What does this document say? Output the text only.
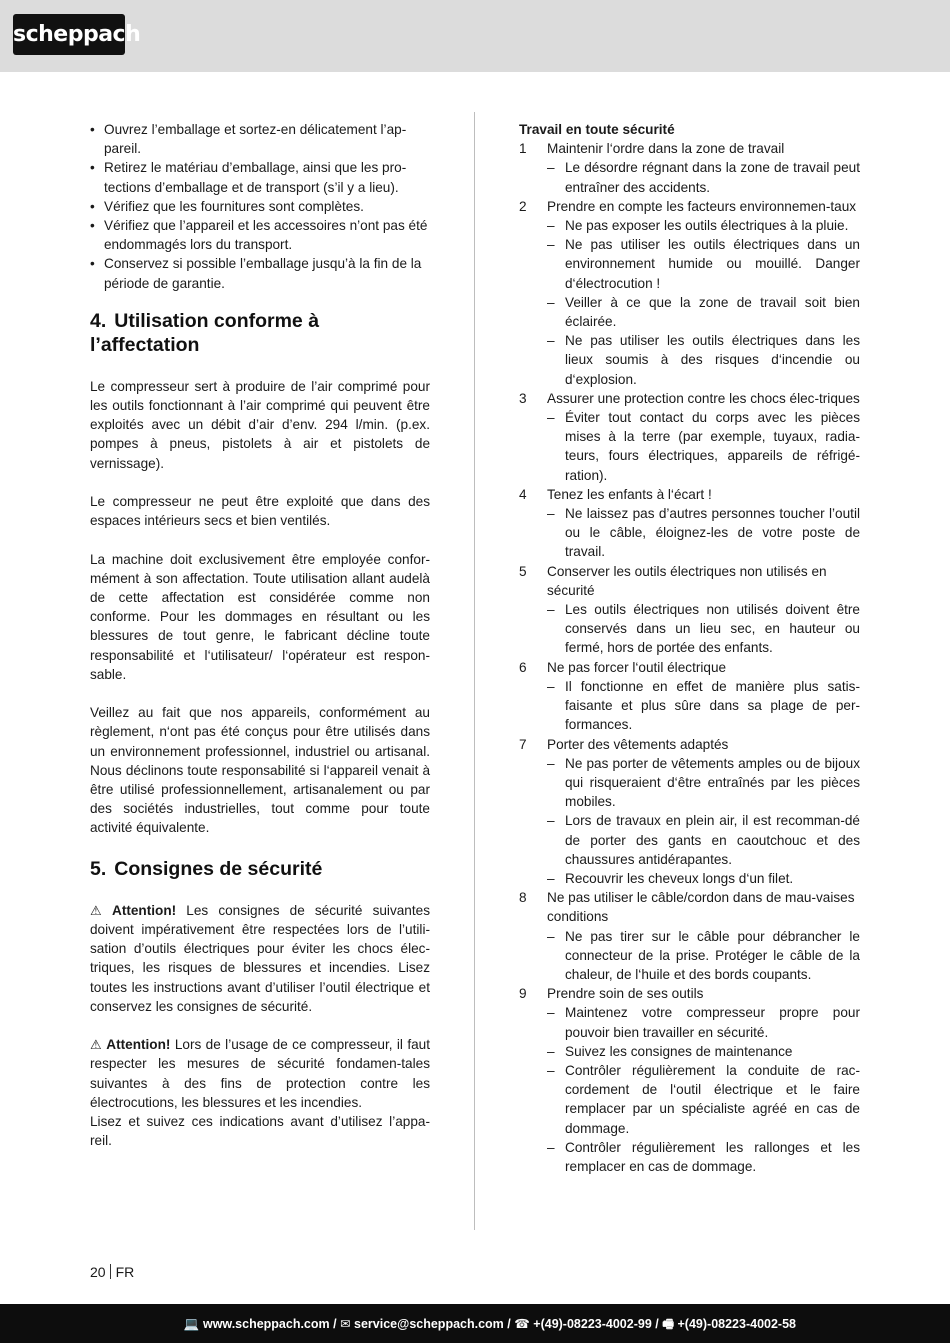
scheppach
• Ouvrez l’emballage et sortez-en délicatement l’ap-pareil.
• Retirez le matériau d’emballage, ainsi que les pro-tections d’emballage et de transport (s’il y a lieu).
• Vérifiez que les fournitures sont complètes.
• Vérifiez que l’appareil et les accessoires n’ont pas été endommagés lors du transport.
• Conservez si possible l’emballage jusqu’à la fin de la période de garantie.
4. Utilisation conforme à l’affectation

Le compresseur sert à produire de l’air comprimé pour les outils fonctionnant à l’air comprimé qui peuvent être exploités avec un débit d’air d’env. 294 l/min. (p.ex. pompes à pneus, pistolets à air et pistolets de vernissage).

Le compresseur ne peut être exploité que dans des espaces intérieurs secs et bien ventilés.

La machine doit exclusivement être employée confor-mément à son affectation. Toute utilisation allant audelà de cette affectation est considérée comme non conforme. Pour les dommages en résultant ou les blessures de tout genre, le fabricant décline toute responsabilité et l‘utilisateur/ l‘opérateur est respon-sable.

Veillez au fait que nos appareils, conformément au règlement, n‘ont pas été conçus pour être utilisés dans un environnement professionnel, industriel ou artisanal. Nous déclinons toute responsabilité si l‘appareil venait à être utilisé professionnellement, artisanalement ou par des sociétés industrielles, tout comme pour toute activité équivalente.

5. Consignes de sécurité

⚠ Attention! Les consignes de sécurité suivantes doivent impérativement être respectées lors de l’utili-sation d’outils électriques pour éviter les chocs élec-triques, les risques de blessures et incendies. Lisez toutes les instructions avant d’utiliser l’outil électrique et conservez les consignes de sécurité.

⚠ Attention! Lors de l’usage de ce compresseur, il faut respecter les mesures de sécurité fondamen-tales suivantes à des fins de protection contre les électrocutions, les blessures et les incendies.

Lisez et suivez ces indications avant d’utilisez l’appa-reil.

Travail en toute sécurité
1 Maintenir l‘ordre dans la zone de travail
– Le désordre régnant dans la zone de travail peut entraîner des accidents.
2 Prendre en compte les facteurs environnemen-taux
– Ne pas exposer les outils électriques à la pluie.
– Ne pas utiliser les outils électriques dans un environnement humide ou mouillé. Danger d‘électrocution !
– Veiller à ce que la zone de travail soit bien éclairée.
– Ne pas utiliser les outils électriques dans les lieux soumis à des risques d‘incendie ou d‘explosion.
3 Assurer une protection contre les chocs élec-triques
– Éviter tout contact du corps avec les pièces mises à la terre (par exemple, tuyaux, radia-teurs, fours électriques, appareils de réfrigé-ration).
4 Tenez les enfants à l‘écart !
– Ne laissez pas d’autres personnes toucher l’outil ou le câble, éloignez-les de votre poste de travail.
5 Conserver les outils électriques non utilisés en sécurité
– Les outils électriques non utilisés doivent être conservés dans un lieu sec, en hauteur ou fermé, hors de portée des enfants.
6 Ne pas forcer l‘outil électrique
– Il fonctionne en effet de manière plus satis-faisante et plus sûre dans sa plage de per-formances.
7 Porter des vêtements adaptés
– Ne pas porter de vêtements amples ou de bijoux qui risqueraient d‘être entraînés par les pièces mobiles.
– Lors de travaux en plein air, il est recomman-dé de porter des gants en caoutchouc et des chaussures antidérapantes.
– Recouvrir les cheveux longs d‘un filet.
8 Ne pas utiliser le câble/cordon dans de mau-vaises conditions
– Ne pas tirer sur le câble pour débrancher le connecteur de la prise. Protéger le câble de la chaleur, de l‘huile et des bords coupants.
9 Prendre soin de ses outils
– Maintenez votre compresseur propre pour pouvoir bien travailler en sécurité.
– Suivez les consignes de maintenance
– Contrôler régulièrement la conduite de rac-cordement de l‘outil électrique et le faire remplacer par un spécialiste agréé en cas de dommage.
– Contrôler régulièrement les rallonges et les remplacer en cas de dommage.
20 FR
💻 www.scheppach.com / ✉ service@scheppach.com / ☎ +(49)-08223-4002-99 / 🖷 +(49)-08223-4002-58
